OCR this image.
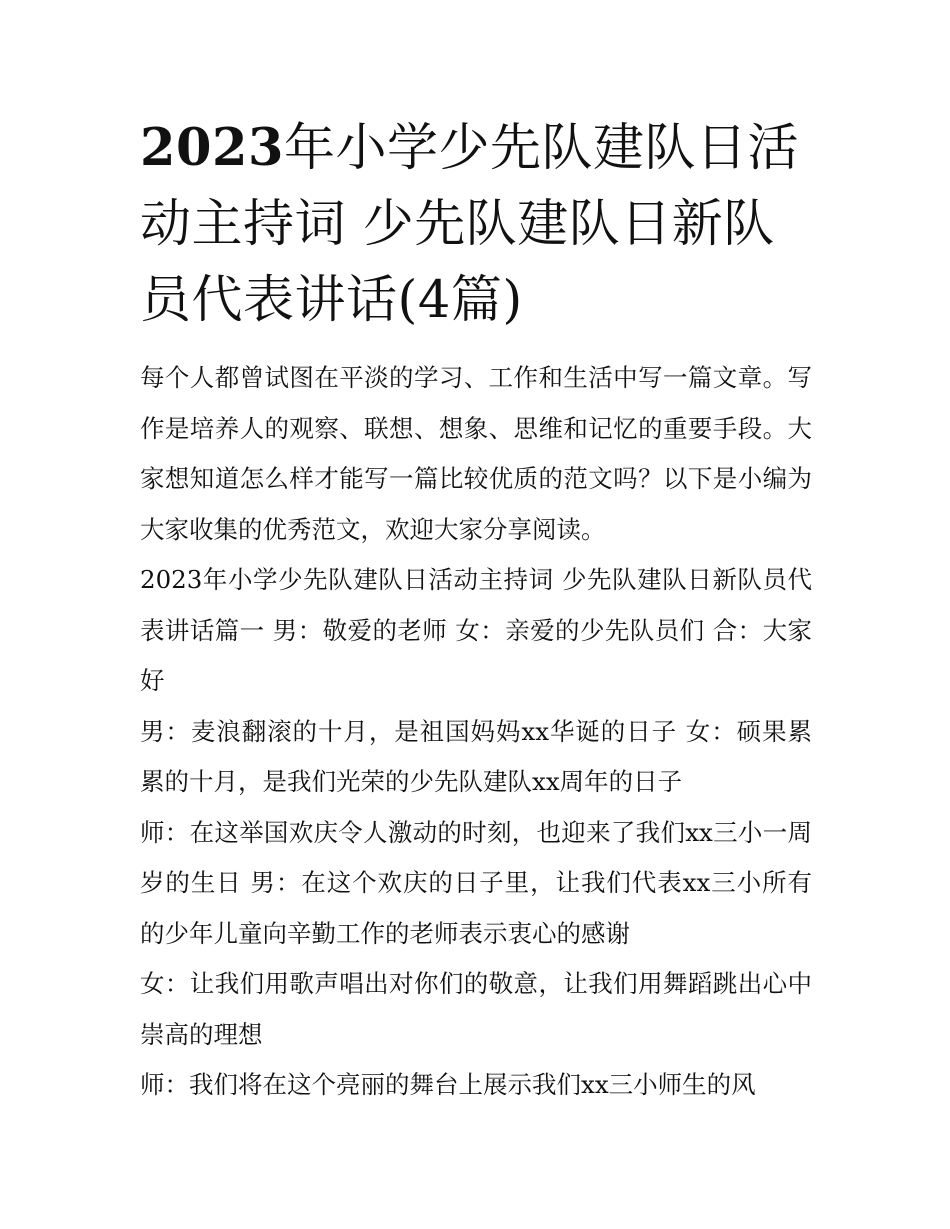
2023年小学少先队建队日活动主持词 少先队建队日新队员代表讲话(4篇)

每个人都曾试图在平淡的学习、工作和生活中写一篇文章。写作是培养人的观察、联想、想象、思维和记忆的重要手段。大家想知道怎么样才能写一篇比较优质的范文吗？以下是小编为大家收集的优秀范文，欢迎大家分享阅读。

2023年小学少先队建队日活动主持词 少先队建队日新队员代表讲话篇一 男：敬爱的老师 女：亲爱的少先队员们 合：大家好

男：麦浪翻滚的十月，是祖国妈妈xx华诞的日子 女：硕果累累的十月，是我们光荣的少先队建队xx周年的日子

师：在这举国欢庆令人激动的时刻，也迎来了我们xx三小一周岁的生日 男：在这个欢庆的日子里，让我们代表xx三小所有的少年儿童向辛勤工作的老师表示衷心的感谢

女：让我们用歌声唱出对你们的敬意，让我们用舞蹈跳出心中崇高的理想

师：我们将在这个亮丽的舞台上展示我们xx三小师生的风
